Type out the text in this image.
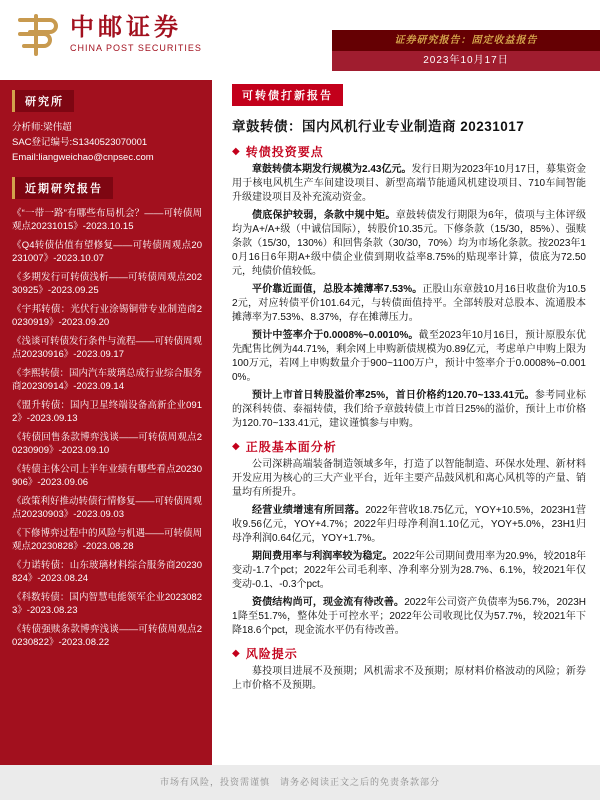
中邮证券
CHINA POST SECURITIES
证券研究报告：固定收益报告
2023年10月17日
研究所
分析师:梁伟超
SAC登记编号:S1340523070001
Email:liangweichao@cnpsec.com
近期研究报告
《“一带一路”有哪些布局机会？——可转债周观点20231015》-2023.10.15
《Q4转债估值有望修复——可转债周观点20231007》-2023.10.07
《多期发行可转债浅析——可转债周观点20230925》-2023.09.25
《宇邦转债：光伏行业涂锡铜带专业制造商20230919》-2023.09.20
《浅谈可转债发行条件与流程——可转债周观点20230916》-2023.09.17
《李熙转债：国内汽车玻璃总成行业综合服务商20230914》-2023.09.14
《盟升转债：国内卫星终端设备高新企业0912》-2023.09.13
《转债回售条款博弈浅谈——可转债周观点20230909》-2023.09.10
《转债主体公司上半年业绩有哪些看点20230906》-2023.09.06
《政策利好推动转债行情修复——可转债周观点20230903》-2023.09.03
《下修博弈过程中的风险与机遇——可转债周观点20230828》-2023.08.28
《力诺转债：山东玻璃材料综合服务商20230824》-2023.08.24
《科数转债：国内智慧电能领军企业20230823》-2023.08.23
《转债强赎条款博弈浅谈——可转债周观点20230822》-2023.08.22
可转债打新报告
章鼓转债：国内风机行业专业制造商 20231017
◆ 转债投资要点

章鼓转债本期发行规模为2.43亿元。发行日期为2023年10月17日，募集资金用于核电风机生产车间建设项目、新型高端节能通风机建设项目、710车间智能升级建设项目及补充流动资金。

债底保护较弱，条款中规中矩。章鼓转债发行期限为6年，债项与主体评级均为A+/A+级（中诚信国际），转股价10.35元。下修条款（15/30，85%）、强赎条款（15/30，130%）和回售条款（30/30，70%）均为市场化条款。按2023年10月16日6年期A+级中债企业债到期收益率8.75%的贴现率计算，债底为72.50元，纯债价值较低。

平价靠近面值，总股本摊薄率7.53%。正股山东章鼓10月16日收盘价为10.52元，对应转债平价101.64元，与转债面值持平。全部转股对总股本、流通股本摊薄率为7.53%、8.37%，存在摊薄压力。

预计中签率介于0.0008%~0.0010%。截至2023年10月16日，预计原股东优先配售比例为44.71%，剩余网上申购新债规模为0.89亿元，考虑单户申购上限为100万元，若网上申购数量介于900~1100万户，预计中签率介于0.0008%~0.0010%。

预计上市首日转股溢价率25%，首日价格约120.70~133.41元。参考同业标的深科转债、泰福转债，我们给予章鼓转债上市首日25%的溢价，预计上市价格为120.70~133.41元，建议谨慎参与申购。

◆ 正股基本面分析

公司深耕高端装备制造领域多年，打造了以智能制造、环保水处理、新材料开发应用为核心的三大产业平台，近年主要产品鼓风机和离心风机等的产量、销量均有所提升。

经营业绩增速有所回落。2022年营收18.75亿元，YOY+10.5%，2023H1营收9.56亿元，YOY+4.7%；2022年归母净利润1.10亿元，YOY+5.0%，23H1归母净利润0.64亿元，YOY+1.7%。

期间费用率与利润率较为稳定。2022年公司期间费用率为20.9%，较2018年变动-1.7个pct；2022年公司毛利率、净利率分别为28.7%、6.1%，较2021年仅变动-0.1、-0.3个pct。

资债结构尚可，现金流有待改善。2022年公司资产负债率为56.7%，2023H1降至51.7%，整体处于可控水平；2022年公司收现比仅为57.7%，较2021年下降18.6个pct，现金流水平仍有待改善。

◆ 风险提示

募投项目进展不及预期；风机需求不及预期；原材料价格波动的风险；新券上市价格不及预期。

市场有风险，投资需谨慎　请务必阅读正文之后的免责条款部分
